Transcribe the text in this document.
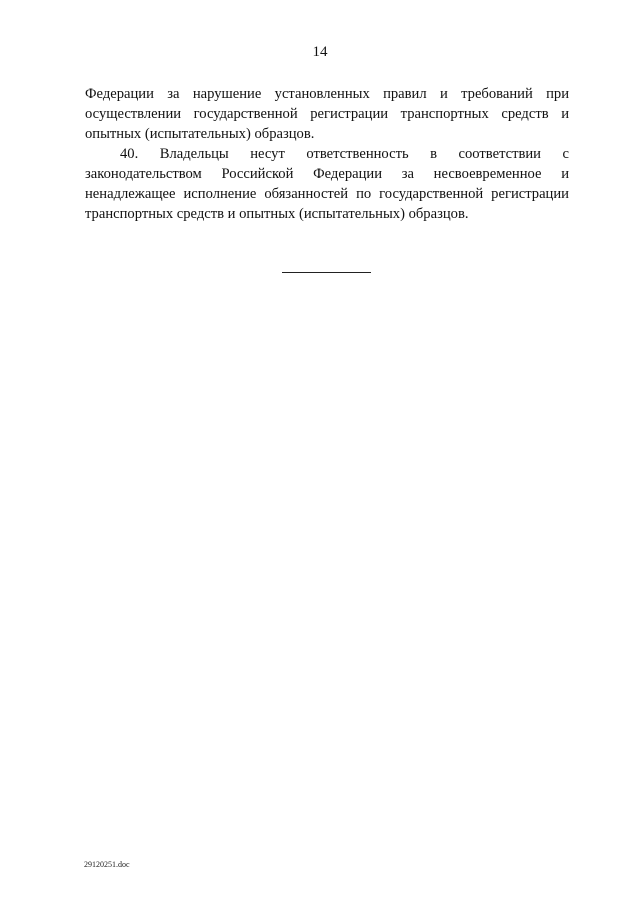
14

Федерации за нарушение установленных правил и требований при осуществлении государственной регистрации транспортных средств и опытных (испытательных) образцов.

40. Владельцы несут ответственность в соответствии с законодательством Российской Федерации за несвоевременное и ненадлежащее исполнение обязанностей по государственной регистрации транспортных средств и опытных (испытательных) образцов.

29120251.doc
